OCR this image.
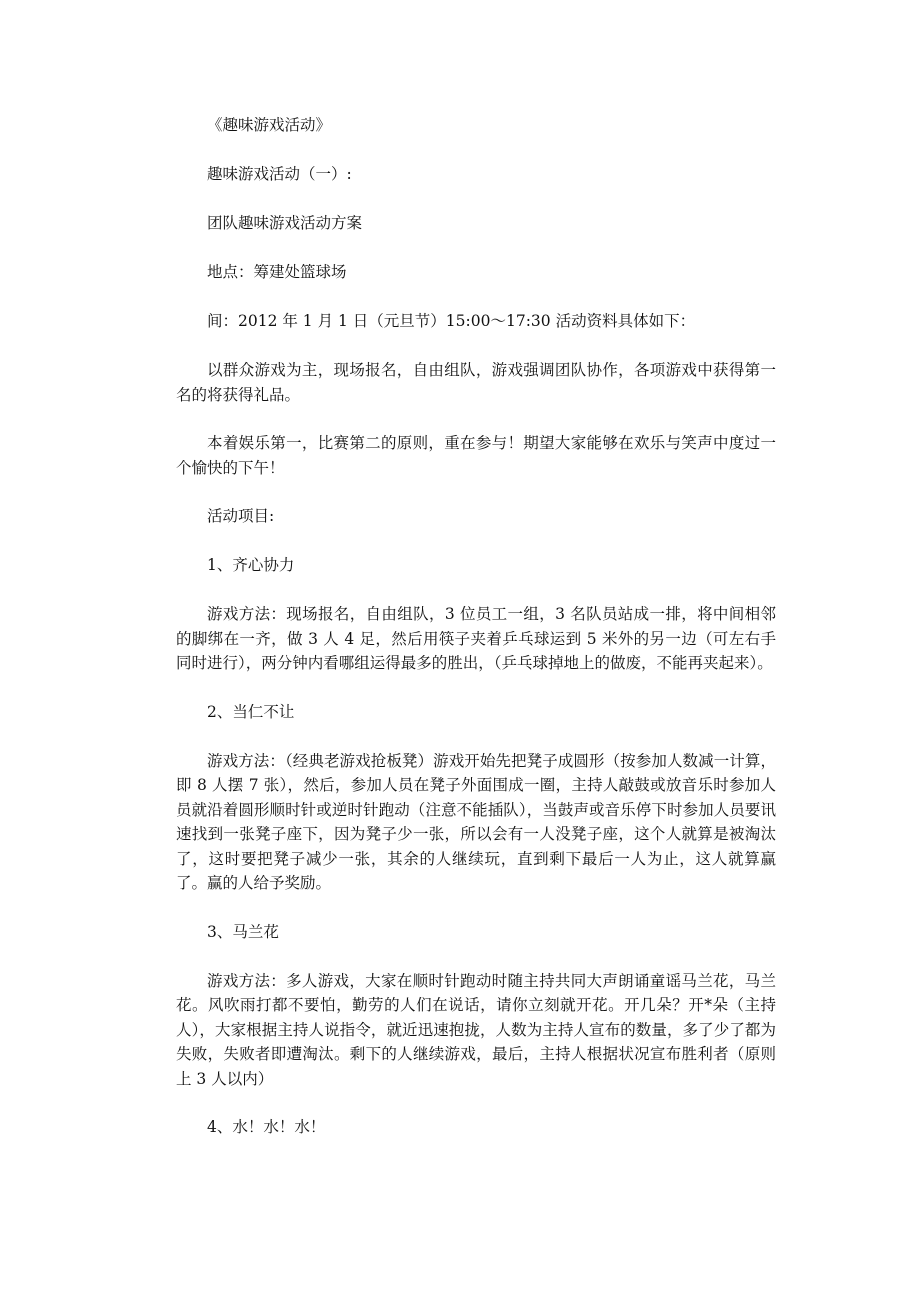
《趣味游戏活动》

趣味游戏活动（一）:

团队趣味游戏活动方案

地点：筹建处篮球场

间：2012 年 1 月 1 日（元旦节）15:00～17:30 活动资料具体如下：

以群众游戏为主，现场报名，自由组队，游戏强调团队协作，各项游戏中获得第一名的将获得礼品。

本着娱乐第一，比赛第二的原则，重在参与！期望大家能够在欢乐与笑声中度过一个愉快的下午！

活动项目:

1、齐心协力

游戏方法：现场报名，自由组队，3 位员工一组，3 名队员站成一排，将中间相邻的脚绑在一齐，做 3 人 4 足，然后用筷子夹着乒乓球运到 5 米外的另一边（可左右手同时进行），两分钟内看哪组运得最多的胜出，（乒乓球掉地上的做废，不能再夹起来）。

2、当仁不让

游戏方法：（经典老游戏抢板凳）游戏开始先把凳子成圆形（按参加人数减一计算，即 8 人摆 7 张），然后，参加人员在凳子外面围成一圈，主持人敲鼓或放音乐时参加人员就沿着圆形顺时针或逆时针跑动（注意不能插队），当鼓声或音乐停下时参加人员要讯速找到一张凳子座下，因为凳子少一张，所以会有一人没凳子座，这个人就算是被淘汰了，这时要把凳子减少一张，其余的人继续玩，直到剩下最后一人为止，这人就算赢了。赢的人给予奖励。

3、马兰花

游戏方法：多人游戏，大家在顺时针跑动时随主持共同大声朗诵童谣马兰花，马兰花。风吹雨打都不要怕，勤劳的人们在说话，请你立刻就开花。开几朵？开*朵（主持人），大家根据主持人说指令，就近迅速抱拢，人数为主持人宣布的数量，多了少了都为失败，失败者即遭淘汰。剩下的人继续游戏，最后，主持人根据状况宣布胜利者（原则上 3 人以内）

4、水！水！水！
